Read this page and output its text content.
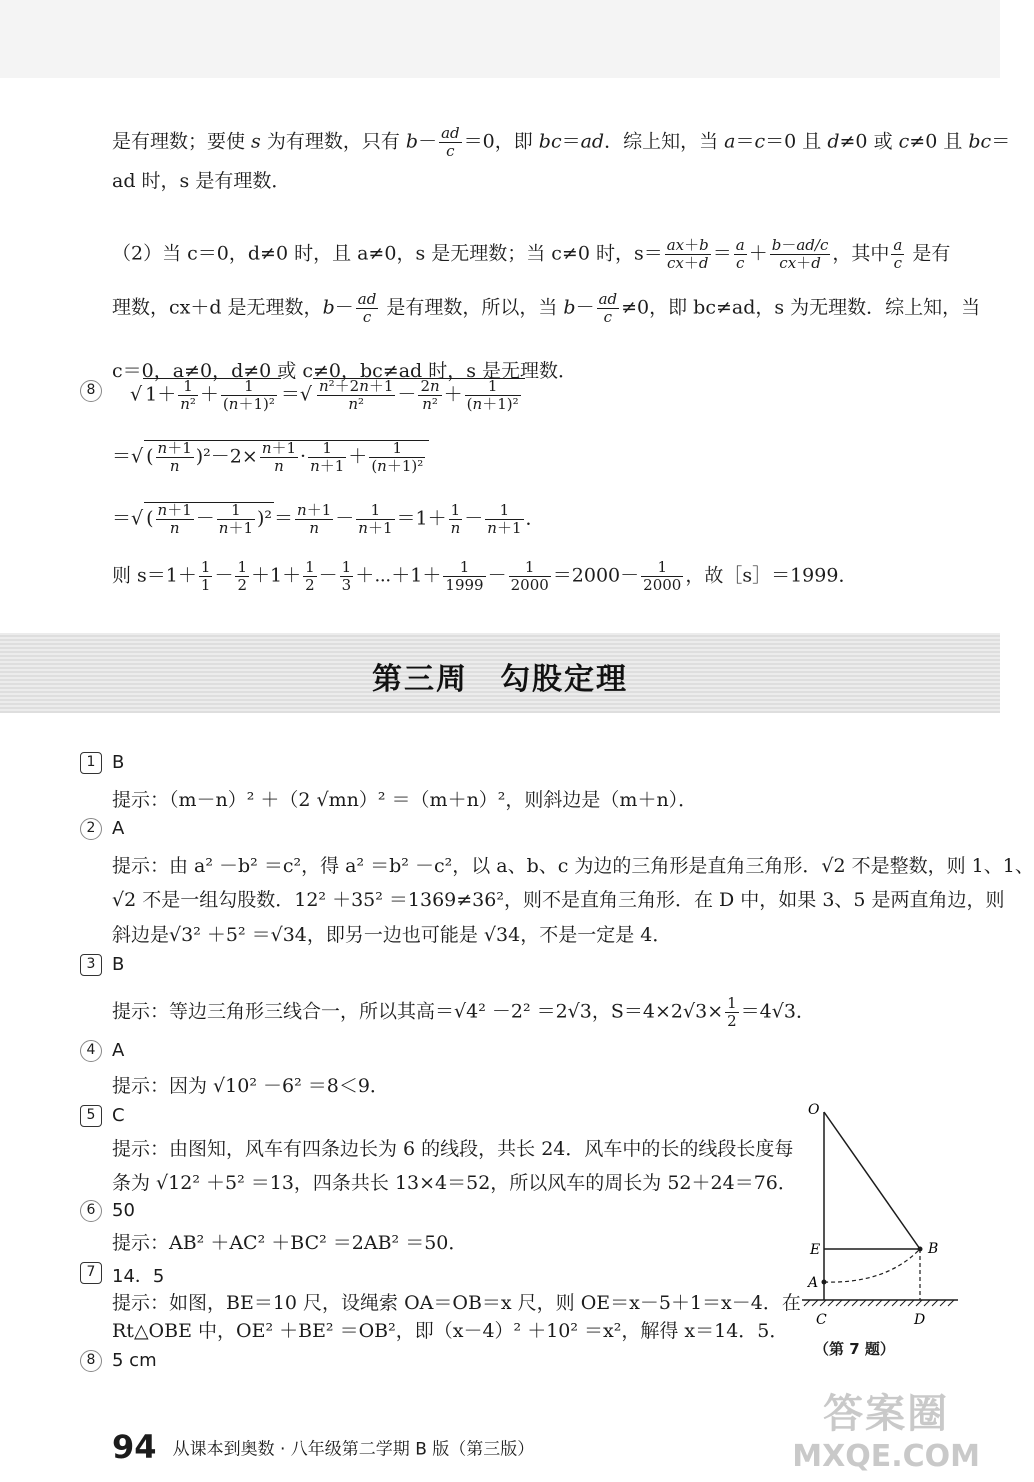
是有理数；要使 s 为有理数，只有 $b- \frac{ad}{c} =0$，即 bc＝ad．综上知，当 a＝c＝0 且 d≠0 或 c≠0 且 bc＝
ad 时，s 是有理数．
（2）当 c＝0，d≠0 时，且 a≠0，s 是无理数；当 c≠0 时，$s= \frac{ax+b}{cx+d} = \frac{a}{c} + \frac{b-ad/c}{cx+d}$ ，其中 $\frac{a}{c}$ 是有
理数，cx＋d 是无理数，$b- \frac{ad}{c}$ 是有理数，所以，当 $b- \frac{ad}{c} \ne 0$，即 bc≠ad，s 为无理数．综上知，当
c＝0，a≠0，d≠0 或 c≠0，bc≠ad 时，s 是无理数．
8	√ $1+ \frac{1}{\text{n²}} + \frac{1}{\text{(n＋1)²}}$ ＝√ $\frac{\text{n²＋2n＋1}}{\text{n²}} - \frac{2n}{\text{n²}} + \frac{1}{\text{(n＋1)²}}$
＝√ ( $\frac{n+1}{n} )^2-2\times \frac{n+1}{n} \cdot \frac{1}{n+1} + \frac{1}{\text{(n＋1)²}}$
＝√ ( $\frac{n+1}{n} - \frac{1}{n+1} )^2 = \frac{n+1}{n} - \frac{1}{n+1} =1+ \frac{1}{n} - \frac{1}{n+1}$ ．
则 $s=1+ \frac{1}{1} - \frac{1}{2} +1+ \frac{1}{2} - \frac{1}{3}$ ＋⋯＋1＋ $\frac{1}{1999} - \frac{1}{2000} =2000- \frac{1}{2000}$ ，故［s］＝1999．
第三周　勾股定理
1 B
提示：（m－n）² ＋（2 √mn）² ＝（m＋n）²，则斜边是（m＋n）．
2 A
提示：由 a² －b² ＝c²，得 a² ＝b² －c²，以 a、b、c 为边的三角形是直角三角形．√2 不是整数，则 1、1、
√2 不是一组勾股数．12² ＋35² ＝1369≠36²，则不是直角三角形．在 D 中，如果 3、5 是两直角边，则
斜边是√3² ＋5² ＝√34，即另一边也可能是 √34，不是一定是 4．
3 B
提示：等边三角形三线合一，所以其高＝√4² －2² ＝2√3，$S=4\times 2√3\times \frac{1}{2} =4√3$．
4 A
提示：因为 √10² －6² ＝8＜9．
5 C
提示：由图知，风车有四条边长为 6 的线段，共长 24．风车中的长的线段长度每
条为 √12² ＋5² ＝13，四条共长 13×4＝52，所以风车的周长为 52＋24＝76．
6 50
提示：AB² ＋AC² ＋BC² ＝2AB² ＝50．
7 14．5
提示：如图，BE＝10 尺，设绳索 OA＝OB＝x 尺，则 OE＝x－5＋1＝x－4．在
Rt△OBE 中，OE² ＋BE² ＝OB²，即（x－4）² ＋10² ＝x²，解得 x＝14．5．
8 5 cm
O
E	B
A
C	D
（第 7 题）
94 从课本到奥数 · 八年级第二学期 B 版（第三版）
答案圈
MXQE.COM
